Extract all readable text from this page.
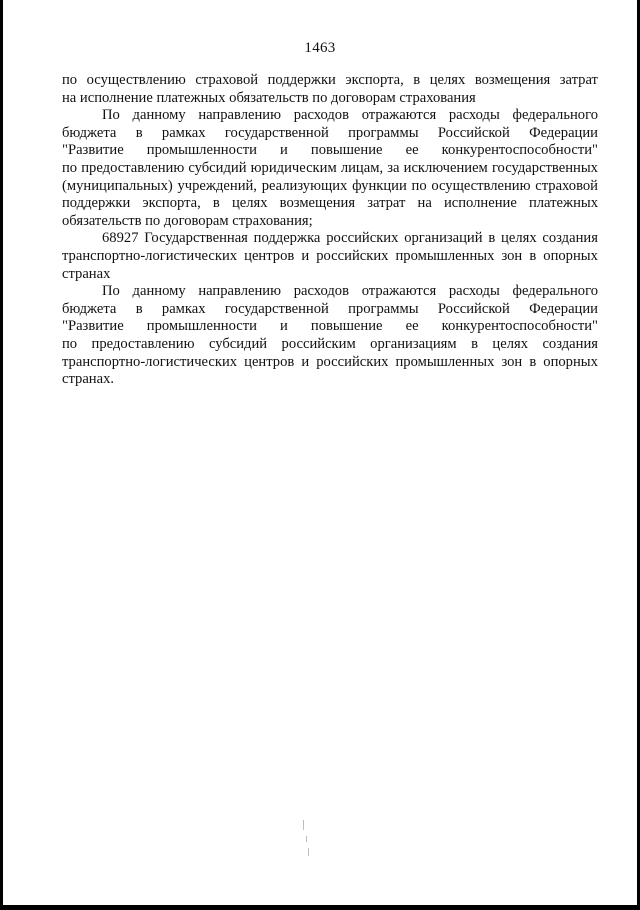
1463
по осуществлению страховой поддержки экспорта, в целях возмещения затрат
на исполнение платежных обязательств по договорам страхования
По данному направлению расходов отражаются расходы федерального
бюджета в рамках государственной программы Российской Федерации
"Развитие промышленности и повышение ее конкурентоспособности"
по предоставлению субсидий юридическим лицам, за исключением государственных
(муниципальных) учреждений, реализующих функции по осуществлению страховой
поддержки экспорта, в целях возмещения затрат на исполнение платежных
обязательств по договорам страхования;
68927 Государственная поддержка российских организаций в целях создания
транспортно-логистических центров и российских промышленных зон в опорных
странах
По данному направлению расходов отражаются расходы федерального
бюджета в рамках государственной программы Российской Федерации
"Развитие промышленности и повышение ее конкурентоспособности"
по предоставлению субсидий российским организациям в целях создания
транспортно-логистических центров и российских промышленных зон в опорных
странах.
